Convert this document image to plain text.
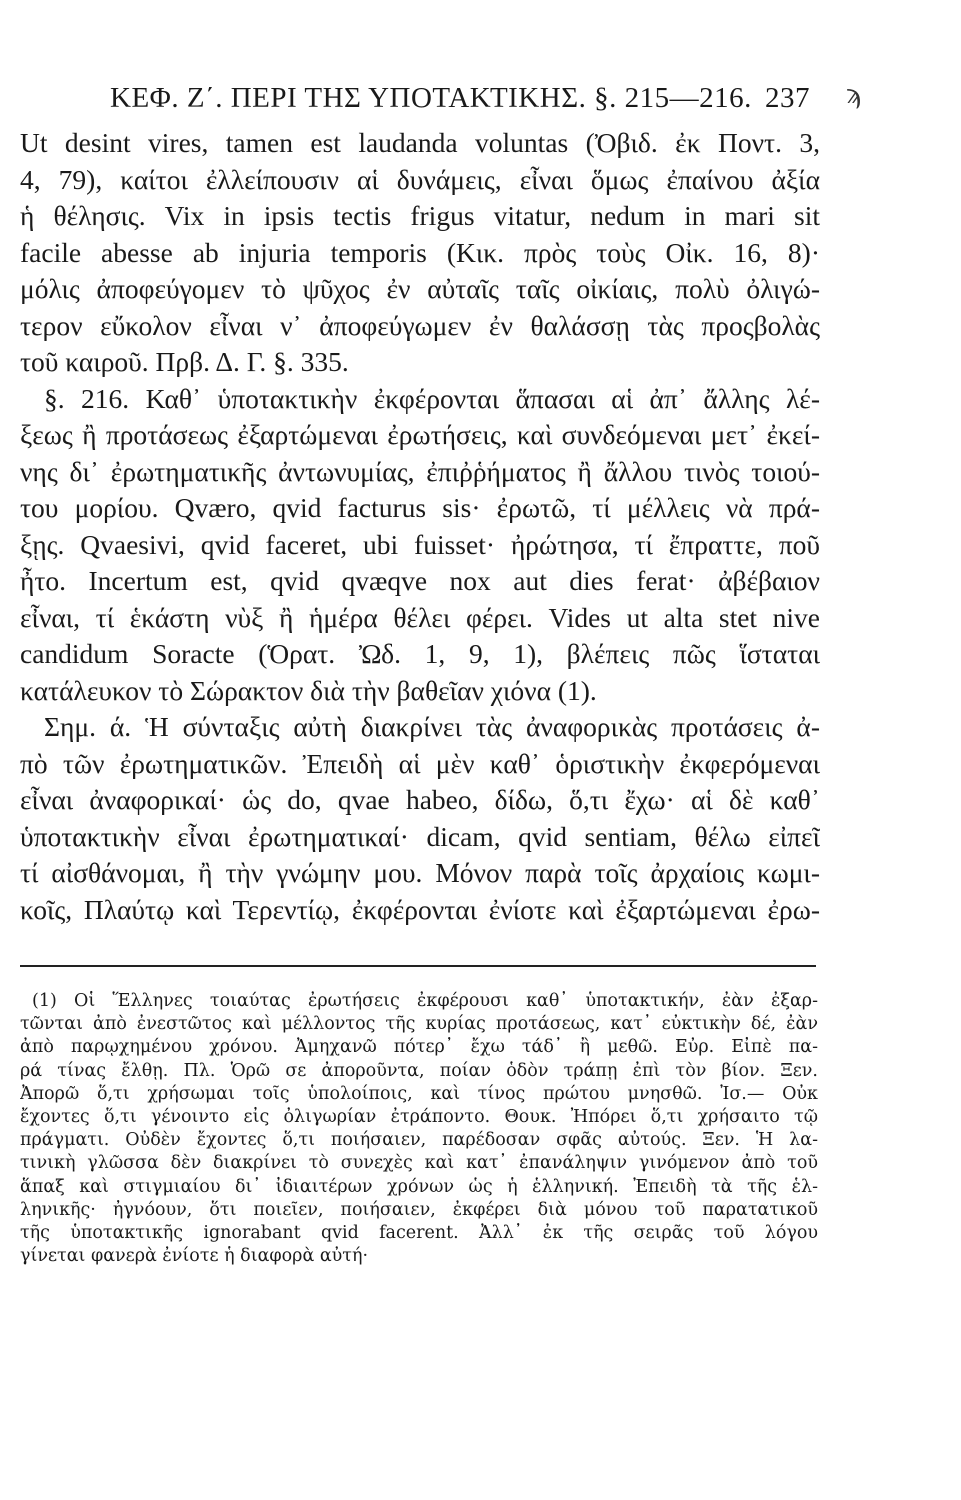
ΚΕΦ. Ζ΄. ΠΕΡΙ ΤΗΣ ΥΠΟΤΑΚΤΙΚΗΣ. §. 215—216. 237 ϡ
Ut desint vires, tamen est laudanda voluntas (Ὀβιδ. ἐκ Ποντ. 3,
4, 79), καίτοι ἐλλείπουσιν αἱ δυνάμεις, εἶναι ὅμως ἐπαίνου ἀξία
ἡ θέλησις. Vix in ipsis tectis frigus vitatur, nedum in mari sit
facile abesse ab injuria temporis (Κικ. πρὸς τοὺς Οἰκ. 16, 8)·
μόλις ἀποφεύγομεν τὸ ψῦχος ἐν αὐταῖς ταῖς οἰκίαις, πολὺ ὀλιγώ-
τερον εὔκολον εἶναι ν᾿ ἀποφεύγωμεν ἐν θαλάσσῃ τὰς προςβολὰς
τοῦ καιροῦ. Πρβ. Δ. Γ. §. 335.
§. 216. Καθ᾿ ὑποτακτικὴν ἐκφέρονται ἅπασαι αἱ ἀπ᾿ ἄλλης λέ-
ξεως ἢ προτάσεως ἐξαρτώμεναι ἐρωτήσεις, καὶ συνδεόμεναι μετ᾿ ἐκεί-
νης δι᾿ ἐρωτηματικῆς ἀντωνυμίας, ἐπιῤῥήματος ἢ ἄλλου τινὸς τοιού-
του μορίου. Qværo, qvid facturus sis· ἐρωτῶ, τί μέλλεις νὰ πρά-
ξῃς. Qvaesivi, qvid faceret, ubi fuisset· ἠρώτησα, τί ἔπραττε, ποῦ
ἦτο. Incertum est, qvid qvæqve nox aut dies ferat· ἀβέβαιον
εἶναι, τί ἑκάστη νὺξ ἢ ἡμέρα θέλει φέρει. Vides ut alta stet nive
candidum Soracte (Ὁρατ. Ὠδ. 1, 9, 1), βλέπεις πῶς ἵσταται
κατάλευκον τὸ Σώρακτον διὰ τὴν βαθεῖαν χιόνα (1).
Σημ. ά. Ἡ σύνταξις αὐτὴ διακρίνει τὰς ἀναφορικὰς προτάσεις ἀ-
πὸ τῶν ἐρωτηματικῶν. Ἐπειδὴ αἱ μὲν καθ᾿ ὁριστικὴν ἐκφερόμεναι
εἶναι ἀναφορικαί· ὡς do, qvae habeo, δίδω, ὅ,τι ἔχω· αἱ δὲ καθ᾿
ὑποτακτικὴν εἶναι ἐρωτηματικαί· dicam, qvid sentiam, θέλω εἰπεῖ
τί αἰσθάνομαι, ἢ τὴν γνώμην μου. Μόνον παρὰ τοῖς ἀρχαίοις κωμι-
κοῖς, Πλαύτῳ καὶ Τερεντίῳ, ἐκφέρονται ἐνίοτε καὶ ἐξαρτώμεναι ἐρω-
(1) Οἱ Ἕλληνες τοιαύτας ἐρωτήσεις ἐκφέρουσι καθ᾿ ὑποτακτικήν, ἐὰν ἐξαρ-
τῶνται ἀπὸ ἐνεστῶτος καὶ μέλλοντος τῆς κυρίας προτάσεως, κατ᾿ εὐκτικὴν δέ, ἐὰν
ἀπὸ παρῳχημένου χρόνου. Ἀμηχανῶ πότερ᾿ ἔχω τάδ᾿ ἢ μεθῶ. Εὐρ. Εἰπὲ πα-
ρά τίνας ἔλθῃ. Πλ. Ὁρῶ σε ἀποροῦντα, ποίαν ὁδὸν τράπῃ ἐπὶ τὸν βίον. Ξεν.
Ἀπορῶ ὅ,τι χρήσωμαι τοῖς ὑπολοίποις, καὶ τίνος πρώτου μνησθῶ. Ἰσ.— Οὐκ
ἔχοντες ὅ,τι γένοιντο εἰς ὀλιγωρίαν ἐτράποντο. Θουκ. Ἠπόρει ὅ,τι χρήσαιτο τῷ
πράγματι. Οὐδὲν ἔχοντες ὅ,τι ποιήσαιεν, παρέδοσαν σφᾶς αὐτούς. Ξεν. Ἡ λα-
τινικὴ γλῶσσα δὲν διακρίνει τὸ συνεχὲς καὶ κατ᾿ ἐπανάληψιν γινόμενον ἀπὸ τοῦ
ἅπαξ καὶ στιγμιαίου δι᾿ ἰδιαιτέρων χρόνων ὡς ἡ ἑλληνική. Ἐπειδὴ τὰ τῆς ἑλ-
ληνικῆς· ἠγνόουν, ὅτι ποιεῖεν, ποιήσαιεν, ἐκφέρει διὰ μόνου τοῦ παρατατικοῦ
τῆς ὑποτακτικῆς ignorabant qvid facerent. Ἀλλ᾿ ἐκ τῆς σειρᾶς τοῦ λόγου
γίνεται φανερὰ ἐνίοτε ἡ διαφορὰ αὐτή·
